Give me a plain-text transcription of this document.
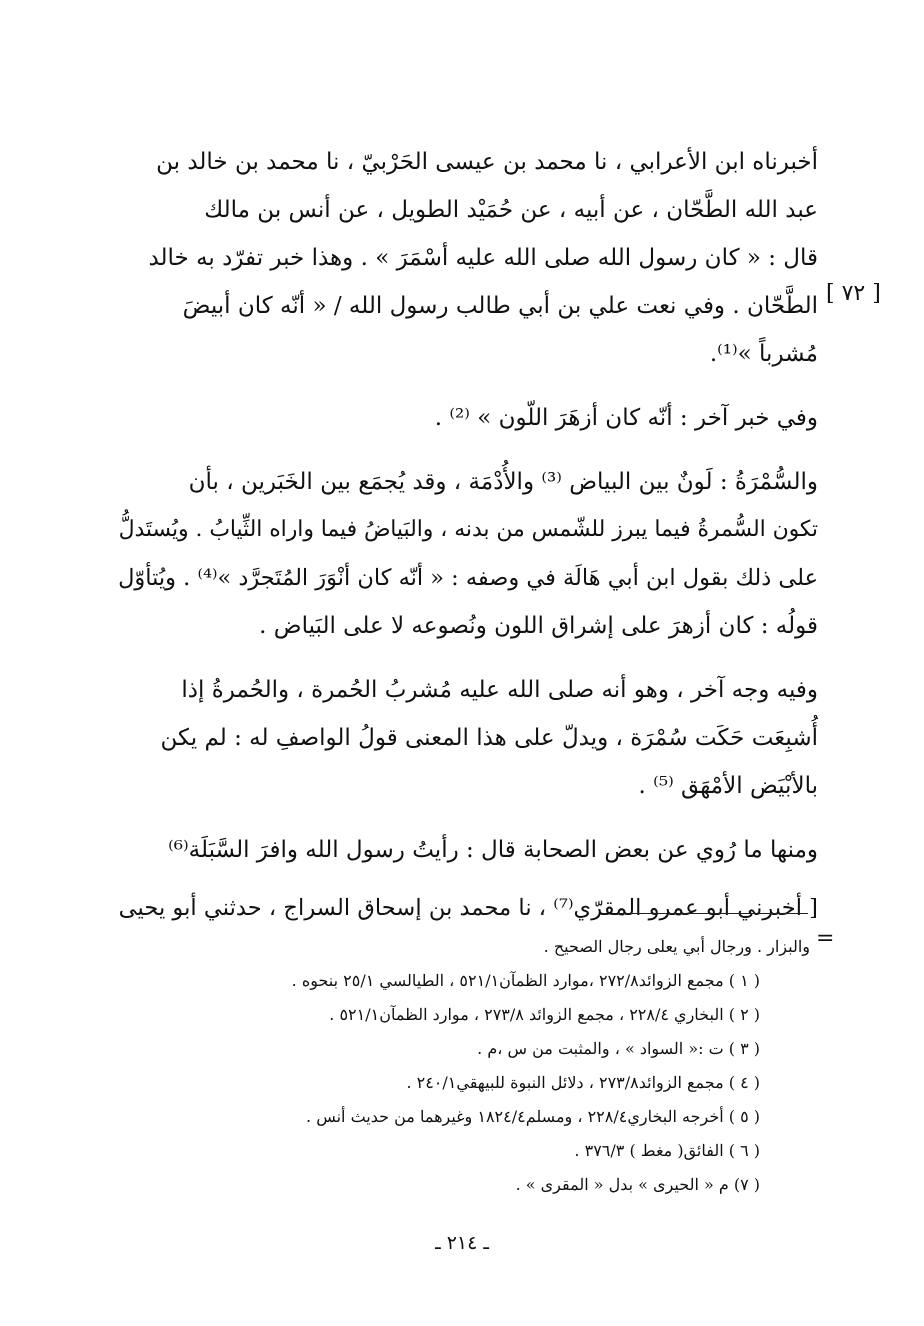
[ ٧٢ ]
أخبرناه ابن الأعرابي ، نا محمد بن عيسى الحَرْبيّ ، نا محمد بن خالد بن
عبد الله الطَّحّان ، عن أبيه ، عن حُمَيْد الطويل ، عن أنس بن مالك
قال : « كان رسول الله صلى الله عليه أسْمَرَ » . وهذا خبر تفرّد به خالد
الطَّحّان . وفي نعت علي بن أبي طالب رسول الله / « أنّه كان أبيضَ
مُشرباً »⁽¹⁾.
وفي خبر آخر : أنّه كان أزهَرَ اللّون » ⁽²⁾ .
والسُّمْرَةُ : لَونٌ بين البياض ⁽³⁾ والأُدْمَة ، وقد يُجمَع بين الخَبَرين ، بأن
تكون السُّمرةُ فيما يبرز للشّمس من بدنه ، والبَياضُ فيما واراه الثِّيابُ . ويُستَدلُّ
على ذلك بقول ابن أبي هَالَة في وصفه : « أنّه كان أنْوَرَ المُتَجرَّد »⁽⁴⁾ . ويُتأوّل
قولُه : كان أزهرَ على إشراق اللون ونُصوعه لا على البَياض .
وفيه وجه آخر ، وهو أنه صلى الله عليه مُشربُ الحُمرة ، والحُمرةُ إذا
أُشبِعَت حَكَت سُمْرَة ، ويدلّ على هذا المعنى قولُ الواصفِ له : لم يكن
بالأبْيَض الأمْهَق ⁽⁵⁾ .
ومنها ما رُوي عن بعض الصحابة قال : رأيتُ رسول الله وافرَ السَّبَلَة⁽⁶⁾
[ أخبرني أبو عمرو المقرّي⁽⁷⁾ ، نا محمد بن إسحاق السراج ، حدثني أبو يحيى
=
والبزار . ورجال أبي يعلى رجال الصحيح .
( ١ ) مجمع الزوائد٢٧٢/٨ ،موارد الظمآن٥٢١/١ ، الطيالسي ٢٥/١ بنحوه .
( ٢ ) البخاري ٢٢٨/٤ ، مجمع الزوائد ٢٧٣/٨ ، موارد الظمآن٥٢١/١ .
( ٣ ) ت :« السواد » ، والمثبت من س ،م .
( ٤ ) مجمع الزوائد٢٧٣/٨ ، دلائل النبوة للبيهقي٢٤٠/١ .
( ٥ ) أخرجه البخاري٢٢٨/٤ ، ومسلم١٨٢٤/٤ وغيرهما من حديث أنس .
( ٦ ) الفائق( مغط ) ٣٧٦/٣ .
( ٧) م « الحيرى » بدل « المقرى » .
ـ ٢١٤ ـ
